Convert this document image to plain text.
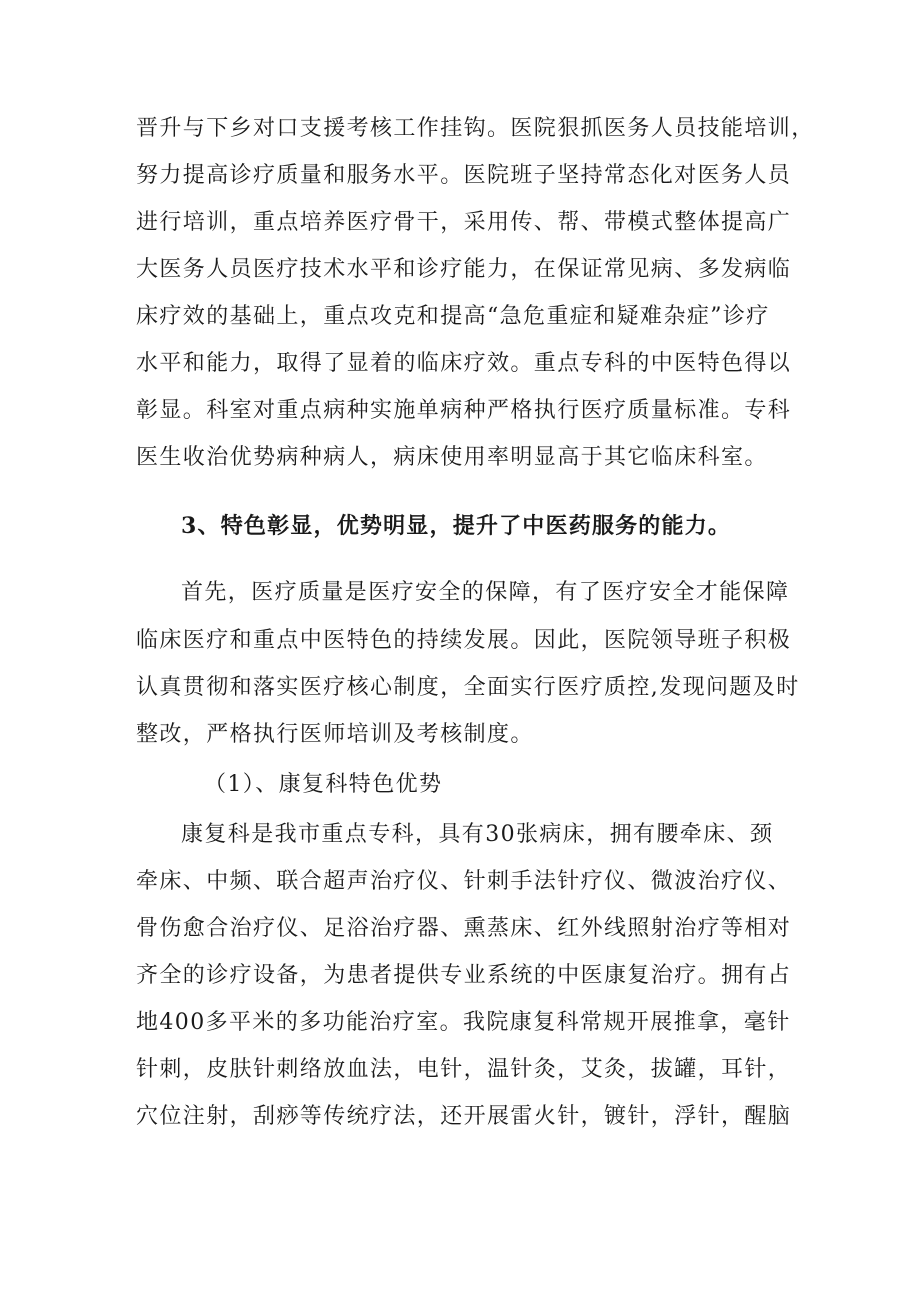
晋升与下乡对口支援考核工作挂钩。医院狠抓医务人员技能培训，
努力提高诊疗质量和服务水平。医院班子坚持常态化对医务人员
进行培训，重点培养医疗骨干，采用传、帮、带模式整体提高广
大医务人员医疗技术水平和诊疗能力，在保证常见病、多发病临
床疗效的基础上，重点攻克和提高“急危重症和疑难杂症”诊疗
水平和能力，取得了显着的临床疗效。重点专科的中医特色得以
彰显。科室对重点病种实施单病种严格执行医疗质量标准。专科
医生收治优势病种病人，病床使用率明显高于其它临床科室。
3、特色彰显，优势明显，提升了中医药服务的能力。
首先，医疗质量是医疗安全的保障，有了医疗安全才能保障
临床医疗和重点中医特色的持续发展。因此，医院领导班子积极
认真贯彻和落实医疗核心制度，全面实行医疗质控,发现问题及时
整改，严格执行医师培训及考核制度。
（1）、康复科特色优势
康复科是我市重点专科，具有30张病床，拥有腰牵床、颈
牵床、中频、联合超声治疗仪、针刺手法针疗仪、微波治疗仪、
骨伤愈合治疗仪、足浴治疗器、熏蒸床、红外线照射治疗等相对
齐全的诊疗设备，为患者提供专业系统的中医康复治疗。拥有占
地400多平米的多功能治疗室。我院康复科常规开展推拿，毫针
针刺，皮肤针刺络放血法，电针，温针灸，艾灸，拔罐，耳针，
穴位注射，刮痧等传统疗法，还开展雷火针，镀针，浮针，醒脑
